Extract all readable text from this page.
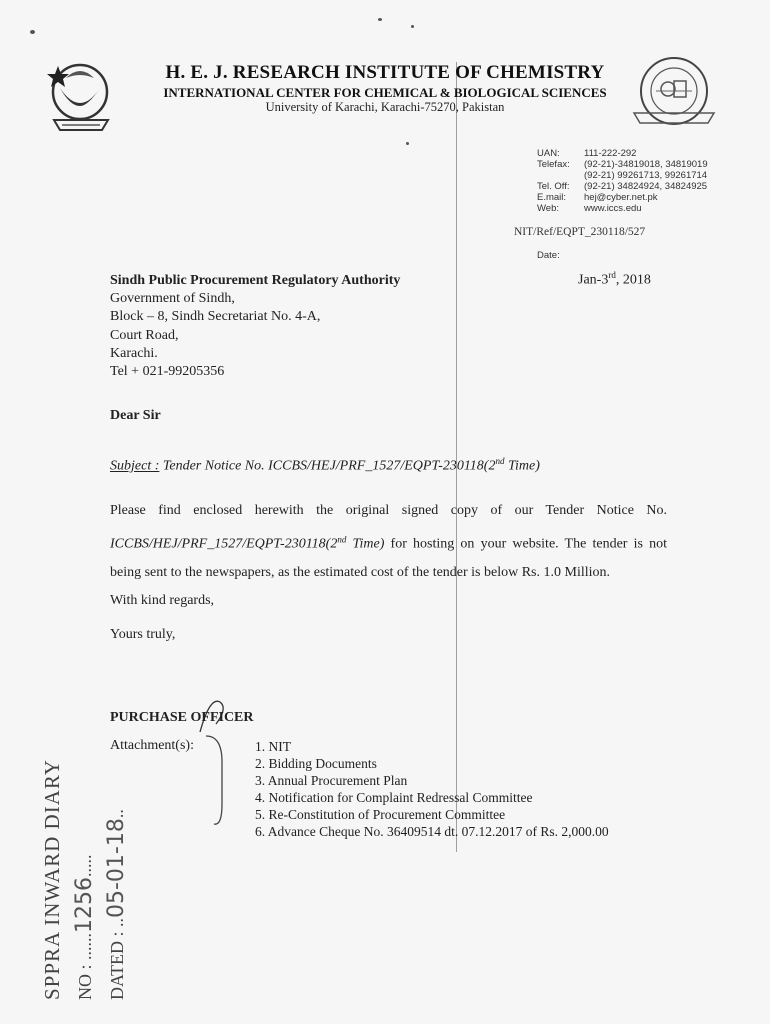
H. E. J. RESEARCH INSTITUTE OF CHEMISTRY
INTERNATIONAL CENTER FOR CHEMICAL & BIOLOGICAL SCIENCES
University of Karachi, Karachi-75270, Pakistan
UAN:	111-222-292
Telefax:	(92-21)-34819018, 34819019
(92-21) 99261713, 99261714
Tel. Off:	(92-21) 34824924, 34824925
E.mail:	hej@cyber.net.pk
Web:	www.iccs.edu
NIT/Ref/EQPT_230118/527
Date:
Jan-3rd, 2018
Sindh Public Procurement Regulatory Authority
Government of Sindh,
Block – 8, Sindh Secretariat No. 4-A,
Court Road,
Karachi.
Tel + 021-99205356
Dear Sir
Subject : Tender Notice No. ICCBS/HEJ/PRF_1527/EQPT-230118(2nd Time)
Please find enclosed herewith the original signed copy of our Tender Notice No. ICCBS/HEJ/PRF_1527/EQPT-230118(2nd Time) for hosting on your website. The tender is not being sent to the newspapers, as the estimated cost of the tender is below Rs. 1.0 Million.
With kind regards,
Yours truly,
PURCHASE OFFICER
Attachment(s):	1. NIT
2. Bidding Documents
3. Annual Procurement Plan
4. Notification for Complaint Redressal Committee
5. Re-Constitution of Procurement Committee
6. Advance Cheque No. 36409514 dt. 07.12.2017 of Rs. 2,000.00
SPPRA INWARD DIARY NO : ......1256.....
DATED : ..05-01-18..
